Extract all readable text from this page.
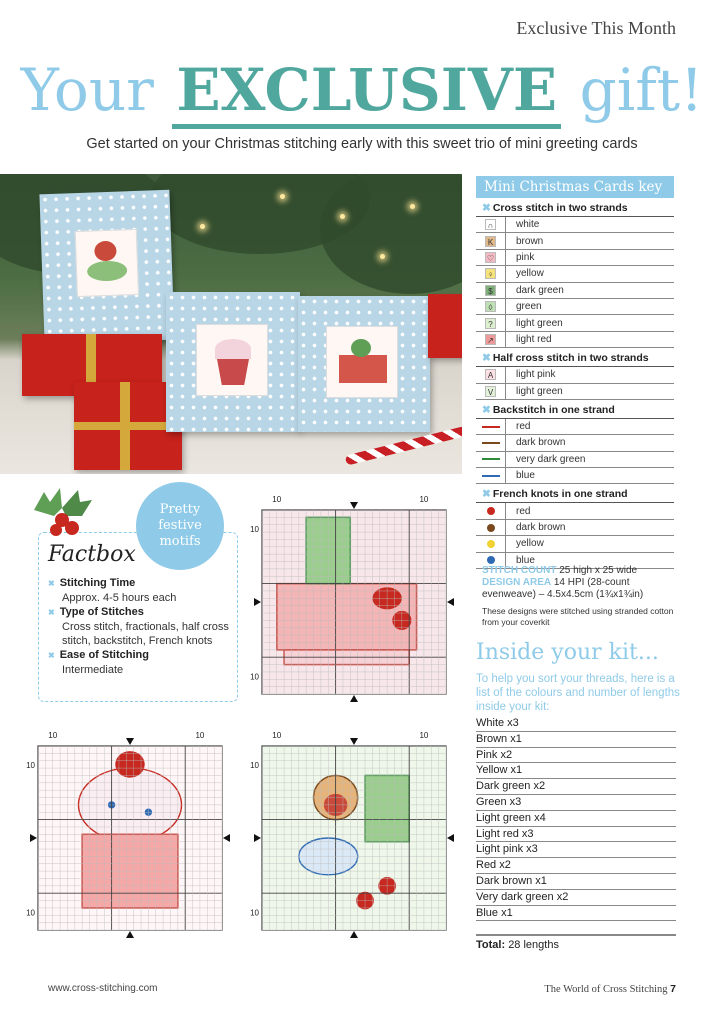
Exclusive This Month
Your EXCLUSIVE gift!
Get started on your Christmas stitching early with this sweet trio of mini greeting cards
Mini Christmas Cards key
✖ Cross stitch in two strands
∩	white
K	brown
♡	pink
♀	yellow
$	dark green
◊	green
?	light green
↗	light red
✖ Half cross stitch in two strands
A	light pink
V	light green
✖ Backstitch in one strand
red
dark brown
very dark green
blue
✖ French knots in one strand
red
dark brown
yellow
blue
STITCH COUNT 25 high x 25 wide
DESIGN AREA 14 HPI (28-count evenweave) – 4.5x4.5cm (1¾x1¾in)
These designs were stitched using stranded cotton from your coverkit
Inside your kit...
To help you sort your threads, here is a list of the colours and number of lengths inside your kit:
White x3
Brown x1
Pink x2
Yellow x1
Dark green x2
Green x3
Light green x4
Light red x3
Light pink x3
Red x2
Dark brown x1
Very dark green x2
Blue x1
Total: 28 lengths
Pretty
festive
motifs
Factbox
✖ Stitching Time
Approx. 4-5 hours each
✖ Type of Stitches
Cross stitch, fractionals, half cross stitch, backstitch, French knots
✖ Ease of Stitching
Intermediate
10	10
10
10
10	10
10
10
10	10
10
10
www.cross-stitching.com	The World of Cross Stitching 7
